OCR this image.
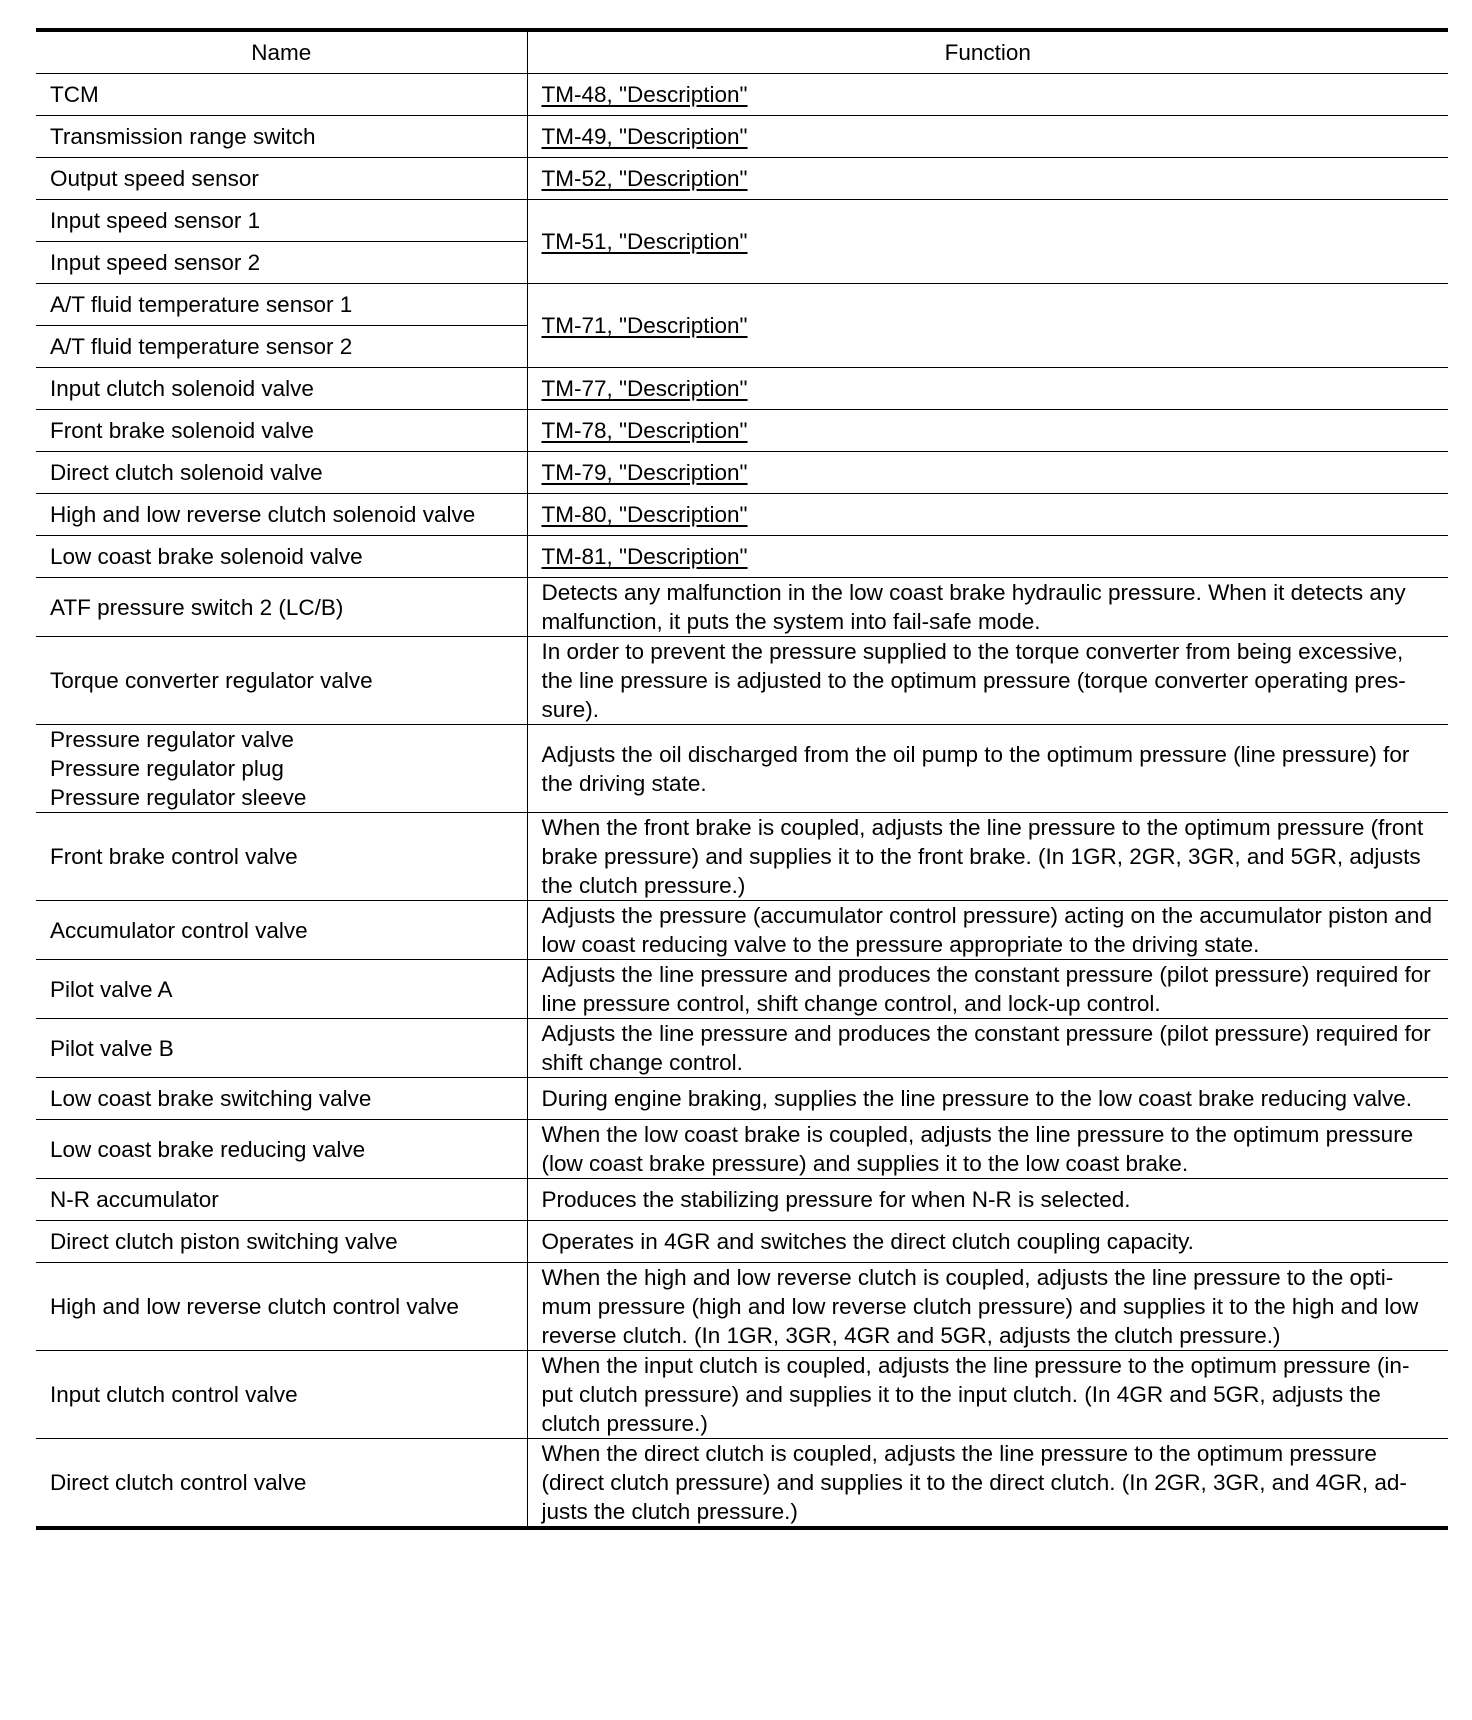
Name	Function
TCM	TM-48, "Description"
Transmission range switch	TM-49, "Description"
Output speed sensor	TM-52, "Description"
Input speed sensor 1	TM-51, "Description"
Input speed sensor 2	
A/T fluid temperature sensor 1	TM-71, "Description"
A/T fluid temperature sensor 2	
Input clutch solenoid valve	TM-77, "Description"
Front brake solenoid valve	TM-78, "Description"
Direct clutch solenoid valve	TM-79, "Description"
High and low reverse clutch solenoid valve	TM-80, "Description"
Low coast brake solenoid valve	TM-81, "Description"
ATF pressure switch 2 (LC/B)	Detects any malfunction in the low coast brake hydraulic pressure. When it detects any malfunction, it puts the system into fail-safe mode.
Torque converter regulator valve	In order to prevent the pressure supplied to the torque converter from being excessive, the line pressure is adjusted to the optimum pressure (torque converter operating pres-sure).

Pressure regulator valve
Pressure regulator plug
Pressure regulator sleeve	Adjusts the oil discharged from the oil pump to the optimum pressure (line pressure) for the driving state.
Front brake control valve	When the front brake is coupled, adjusts the line pressure to the optimum pressure (front brake pressure) and supplies it to the front brake. (In 1GR, 2GR, 3GR, and 5GR, adjusts the clutch pressure.)
Accumulator control valve	Adjusts the pressure (accumulator control pressure) acting on the accumulator piston and low coast reducing valve to the pressure appropriate to the driving state.
Pilot valve A	Adjusts the line pressure and produces the constant pressure (pilot pressure) required for line pressure control, shift change control, and lock-up control.
Pilot valve B	Adjusts the line pressure and produces the constant pressure (pilot pressure) required for shift change control.
Low coast brake switching valve	During engine braking, supplies the line pressure to the low coast brake reducing valve.
Low coast brake reducing valve	When the low coast brake is coupled, adjusts the line pressure to the optimum pressure (low coast brake pressure) and supplies it to the low coast brake.
N-R accumulator	Produces the stabilizing pressure for when N-R is selected.
Direct clutch piston switching valve	Operates in 4GR and switches the direct clutch coupling capacity.
High and low reverse clutch control valve	When the high and low reverse clutch is coupled, adjusts the line pressure to the opti-mum pressure (high and low reverse clutch pressure) and supplies it to the high and low reverse clutch. (In 1GR, 3GR, 4GR and 5GR, adjusts the clutch pressure.)
Input clutch control valve	When the input clutch is coupled, adjusts the line pressure to the optimum pressure (in-put clutch pressure) and supplies it to the input clutch. (In 4GR and 5GR, adjusts the clutch pressure.)
Direct clutch control valve	When the direct clutch is coupled, adjusts the line pressure to the optimum pressure (direct clutch pressure) and supplies it to the direct clutch. (In 2GR, 3GR, and 4GR, ad-justs the clutch pressure.)
